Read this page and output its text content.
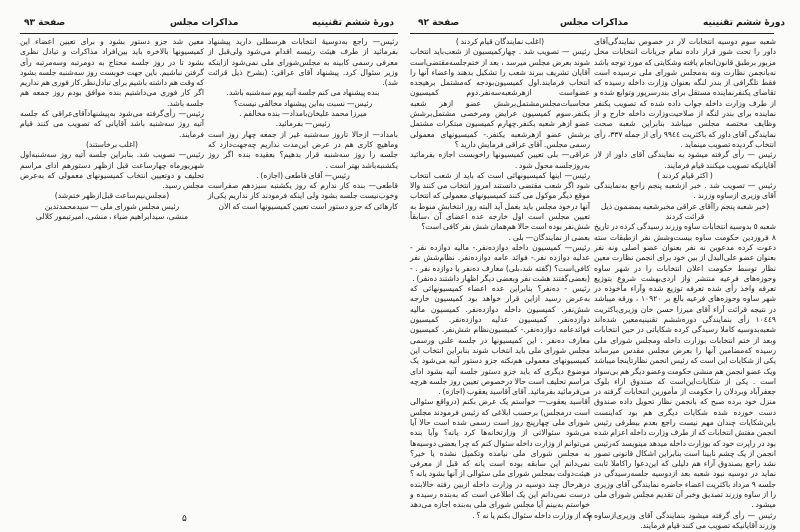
صفحة ۹۳	مذاکرات مجلس	دورهٔ ششم تقنینیه

رئیس— راجع به‌دوسیهٔ انتخابات هرسطلی دارید پیشنهاد بفرمائید از طرف هیئت رئیسه اقدام می‌شود ولی‌قبل از معرفی رسمی کابینه به مجلس‌شورای ملی نمی‌شود ازاینکه وزیر سئوال کرد. پیشنهاد آقای عراقی: (بشرح ذیل قرائت شد).

بنده پیشنهاد می کنم جلسه آتیه یوم سه‌شنبه باشد.

رئیس— نسبت به‌این پیشنهاد مخالفی نیست؟

میرزا محمد علیخان‌بامداد— بنده مخالفم .

رئیس— بفرمائید.

بامداد— ازحالا تاروز سه‌شنبه غیر از جمعه چهار روز است وماهیچ کاری هم در عرض این‌مدت نداریم چه‌جهت‌دارد که جلسه را روز سه‌شنبه قرار بدهیم؟ بعقیده بنده اگر روز یکشنبه‌باشد بهتر است .

رئیس— آقای قاطعی (اجازه) .

قاطعی— بنده کار ندارم که روز یکشنبه سیزدهم صفراست وخوب‌نیست جلسه بشود ولی اینکه فرمودند کار نداریم یکی‌از کارهائی که جزو دستور است تعیین کمیسیونها است که الان

معین شد جزو دستور بشود و برای تعیین اعضاء این کمیسیونها بالاخره باید بین‌افراد مذاکرات و تبادل نظری بشود تا در روز جلسه محتاج به دومرتبه وسه‌مرتبه رأی گرفتن نباشیم. باین جهت خوبست روز سه‌شنبه جلسه بشود که وقت هم داشته باشیم برای تبادل‌نظر.کار فوری هم نداریم اگر کار فوری می‌داشتیم بنده موافق بودم روز جمعه هم جلسه باشد.

رئیس— رأی‌گرفته می‌شود به‌پیشنهادآقای‌عراقی که جلسه آتیه روز سه‌شنبه باشد آقایانی که تصویب می کنند قیام فرمایند.

(اغلب برخاستند)

رئیس— تصویب شد. بنابراین جلسه آتیه روز سه‌شنبه‌اول شهریورماه چهارساعت قبل ازظهر دستورهم ادای مراسم تحلیف و دوتعیین انتخاب کمیسیونهای معمولی که به‌عرض مجلس رسید.

(مجلس‌نیم‌ساعت قبل‌ازظهر ختم‌شد)

رئیس مجلس شورای ملی — سیدمحمدتدین

منشی، سیدابراهیم ضیاء ، منشی، امیرتیمور کلالی

۵
صفحة ۹۲	مذاکرات مجلس	دورهٔ ششم تقنینیه

(اغلب نمایندگان قیام کردند )

رئیس — تصویب شد . چهارکمیسیون از شعب‌باید انتخاب شوند بعرض مجلس میرسد ، بعد از ختم‌جلسه‌مقتضی‌است آقایان تشریف ببرند شعب را تشکیل بدهند واعضاء آنها را انتخاب فرمایند.اول کمیسیون‌بودجه که‌مشتمل برهیجده عضواست ازهرشعبه‌سه‌نفر.دوم کمیسیون محاسبات‌مجلس‌مشتمل‌برشش عضو ازهر شعبه یکنفر.سوم کمیسیون عرایض ومرخصی مشتمل‌برشش عضو ازهر شعبه یکنفر.چهارم کمیسیون مبتکرات مشتمل برشش عضو ازهرشعبه یکنفر.- کمیسیونهای معمولی رسمی مجلس. آقای عراقی فرمایش دارید ؟

عراقی— بلی تعیین کمیسیونها راخوبست اجازه بفرمائید به‌روز‌جلسه محول شود .

رئیس— اینها کمیسیونهائی است که باید از شعب انتخاب شود اگر شعب مقتضی دانستند امروز انتخاب می کنند والا موقع دیگر موکول می کنند کمیسیونهای معمولی که انتخاب آنها درخود مجلس باید بعمل آید البته روز انتخابش منوط به تعیین مجلس است اول خارجه عده اعضای آن ،سابقاً شش‌نفر بوده است حالا هم‌همان شش نفر کافی است؟

بعضی از نمایندگان— بلی .

رئیس— کمیسیون داخله دوازده‌نفر.- مالیه دوازده نفر - عدلیه دوازده نفر.- فوائد عامه دوازده‌نفر. نظام‌شش نفر کافی‌است؟ (گفته شد،بلی) معارف ده‌نفر یا دوازده نفر . - (بعضی‌گفتند هشت نفر وبعضی دیگر اظهار داشتند ده‌نفر) .

رئیس - ده‌نفر؟ بنابراین عده اعضاء کمیسیونهائی که به‌عرض رسید ازاین قرار خواهد بود کمیسیون خارجه شش‌نفر. کمیسیون داخله دوازده‌نفر. کمیسیون مالیه دوازده‌نفر. کمیسیون عدلیه دوازده‌نفر. کمیسیون فوائدعامه دوازده‌نفر.- کمیسیون‌نظام شش‌نفر. کمیسیون معارف ده‌نفر . این کمیسیونها در جلسه علنی ورسمی مجلس شورای ملی باید انتخاب شوند بنابراین انتخاب این کمیسیونهای معمولی هم‌نکته جزو دستور آتیه می‌شود یک موضوع دیگری که باید جزو دستور جلسه آتیه بشود ادای مراسم تحلیف است حالا درخصوص تعیین روز جلسه هرچه می‌فرمائید بفرمائید. آقای آقاسید یعقوب (اجازه) .

آقاسید یعقوب— خواستم یک عرض بکنم (درواقع سئوالی است درمجلس) برحسب ابلاغی که رئیس فرمودند مجلس شورای ملی چهارپنج روز است رسمی شده است حالا آیا می‌شود سئوالاتی از وزارتخانه‌ها کرد یانه؟ وآیا بنده می‌توانم از وزارت داخله سئوال کنم که چرا بعضی دوسیه‌ها به مجلس شورای ملی نیامده وتکمیل نشده یا خیر؟ نمی‌دانم این سابقه بوده است یانه که قبل از معرفی هیئت‌دولت بمجلس شورای ملی سئوالی از آنها بشود یانه ؟ درهرحال چند دوسیه در وزارت داخله ازبین رفته حالابنده درست نمی‌دانم این یک اطلاعی است که به‌بنده رسیده و خواستم به‌بینم آیا مجلس شورای ملی به‌بنده اجازه می‌دهد که از وزارت داخله سئوال بکنم یا نه ؟ .

شعبه سوم دوسیه انتخابات لار در خصوص نمایندگی‌آقای داور را تحت شور قرار داده تمام جریانات انتخابات محل مزبور برطبق قانون‌انجام یافته وشکایتی که مورد توجه باشد نه‌بانجمن نظارت ونه به‌مجلس شورای ملی نرسیده است فقط تلگرافی از بندر لنگه بعنوان وزارت داخله رسیده که تقاضای یکنفرنماینده مستقل برای بندرسرپور وتوابع شده و از طرف وزارت داخله جواب داده شده که تصویب یکنفر نماینده برای بندر لنگه از صلاحیت‌وزارت داخله خارج و از وظایف مختصه مجلس میباشد بنابراین شعبه صحت نمایندگی آقای داور که باکثریت ۹۹٤٤ رأی از جمله ۳۳۷، رأی انتخاب گردیده تصویب مینماید .

رئیس — رأی گرفته میشود به نمایندگی آقای داور از لار آقایانیکه تصویب میکنند قیام فرمایند.

( اکثر قیام کردند )

رئیس — تصویب شد . خبر ازشعبه پنجم راجع به‌نمایندگی آقای وزیری ازساوه وزرند .

(خبر شعبه پنجم راآقای عراقی مخبرشعبه بمضمون ذیل قرائت کردند

شعبه ٥ بدوسیه انتخابات ساوه وزرند رسیدگی کرده در تاریخ ٨ فروردین حکومت ساوه بیست‌وشش نفر ازطبقات سته دعوت کرده مدعوین نه نفر بعنوان عضو اصلی ونه نفر بعنوان عضو علی‌البدل از بین خود برای انجمن نظارت معین نظار توسط حکومت اعلان انتخابات را در شهر ساوه وحوزه‌های فرعیه منتشر واز اردی‌بهشت شروع بتوزیع تعرفه واخذ رأی شده تعرفه توزیع شده وآراء مأخوذه در شهر ساوه وحوزه‌های فرعیه بالغ بر ۱۰۹۲۰ ، ورقه میباشد در نتیجه قرائت آراء آقای میرزا حسن خان وزیری‌باکثریت ۱۰٤٤۹ رأی بنمایندگی دوره‌ششم تقنینیه‌معین شده‌اند شعبه‌بدوسیه کاملا رسیدگی کرده شکایاتی در حین انتخابات وبعد از ختم انتخابات بوزارت داخله ومجلس شورای ملی رسیده که‌مضامین آنها را بعرض مجلس مقدس میرساند یکی از شکایات این است که رئیس انجمن نظارتاینجا میباشد ویک عضو انجمن هم منشی حکومت وعضو دیگر هم بی‌سواد است . یکی از شکایات‌این‌است که صندوق اراء بلوک جعفرآباد وبردلان را حکومت از مأمورین انتخابات گرفته در منزل خود برده صبح که بانجمن نظار تحویل داده صندوق دست خورده شده شکایات دیگری هم بود که‌اینست باین‌شکایات چندان مهم نیست راجع بعدم بیطرفی رئیس انجمن مفتش انتخابات که از طرف وزارت داخله اعزام شده بود در راپرت خود که بوزارت داخله میدهد مینویسد که‌رئیس انجمن از یک چشم نابینا است بنابراین اشکال قانونی تصور نشد راجع بصندوق آراء هم دلیلی که این‌دعوا راکاملا ثابت نماید در دوسیه نبود شعبه بعد ازدوسیه جلسه‌رسیدگی در جلسه ۹ مرداد باکثریت اعضاء حاضره نمایندگی آقای وزیری را از ساوه وزرند تصدیق وخبر آن تقدیم مجلس شورای ملی میشود .

رئیس — رأی گرفته میشود بنمایندگی آقای وزیری‌ازساوه وزرند آقایانیکه تصویب می کنند قیام فرمایند.

۴
